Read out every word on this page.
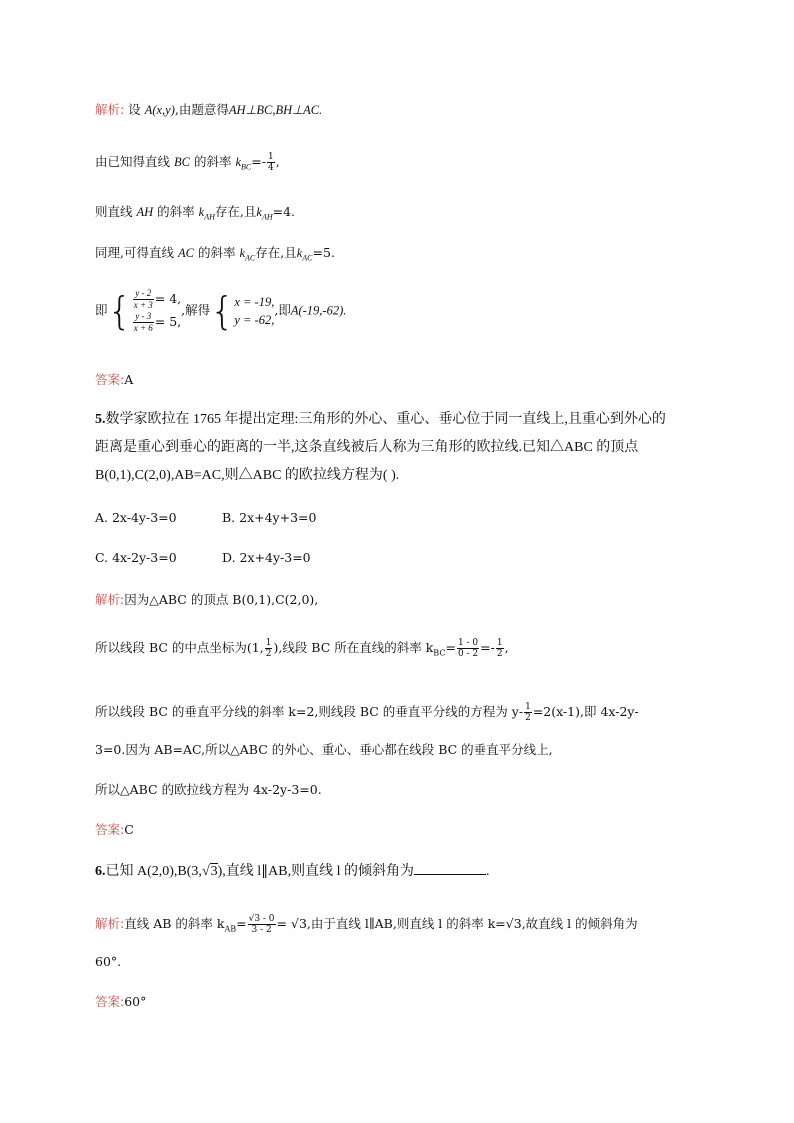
解析: 设 A(x,y),由题意得AH⊥BC,BH⊥AC.
由已知得直线 BC 的斜率 $k_{BC}=- \frac{1}{4}$ ,
则直线 AH 的斜率 $k_{AH}$存在,且$k_{AH}=4$.
同理,可得直线 AC 的斜率 $k_{AC}$存在,且$k_{AC}=5$.
即{ $\frac{y - 2}{x + 3} = 4$,
$\frac{y - 3}{x + 6} = 5$,
,解得{ x = -19,
y = -62,
,即A(-19,-62).
答案:A
5.数学家欧拉在 1765 年提出定理:三角形的外心、重心、垂心位于同一直线上,且重心到外心的
距离是重心到垂心的距离的一半,这条直线被后人称为三角形的欧拉线.已知△ABC 的顶点
B(0,1),C(2,0),AB=AC,则△ABC 的欧拉线方程为( ).
A. 2x-4y-3=0	B. 2x+4y+3=0
C. 4x-2y-3=0	D. 2x+4y-3=0
解析:因为△ABC 的顶点 B(0,1),C(2,0),
所以线段 BC 的中点坐标为(1, $\frac{1}{2}$ ),线段 BC 所在直线的斜率 $k_{BC}= \frac{1 - 0}{0 - 2} =- \frac{1}{2}$ ,
所以线段 BC 的垂直平分线的斜率 k=2,则线段 BC 的垂直平分线的方程为 $y- \frac{1}{2} =2(x-1)$,即 4x-2y-
3=0.因为 AB=AC,所以△ABC 的外心、重心、垂心都在线段 BC 的垂直平分线上,
所以△ABC 的欧拉线方程为 4x-2y-3=0.
答案:C
6.已知 A(2,0),B(3,√3),直线 l∥AB,则直线 l 的倾斜角为	.
解析:直线 AB 的斜率 $k_{AB}= \frac{√3 - 0}{3 - 2} = √3$,由于直线 l∥AB,则直线 l 的斜率 k=√3,故直线 l 的倾斜角为
60°.
答案:60°
